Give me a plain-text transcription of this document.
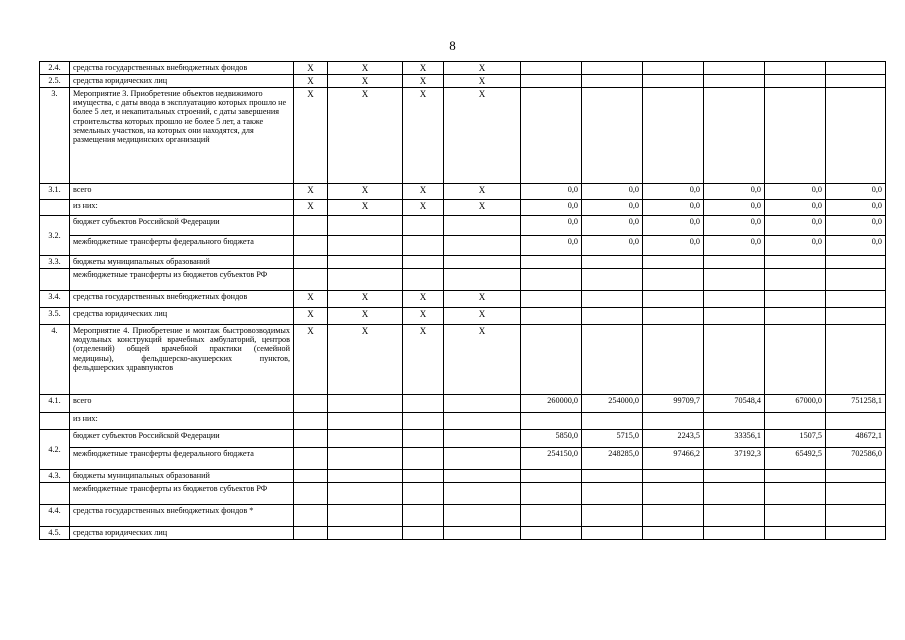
8
2.4.	средства государственных внебюджетных фондов	Х	Х	Х	Х						
2.5.	средства юридических лиц	Х	Х	Х	Х						
3.	Мероприятие 3. Приобретение объектов недвижимого имущества, с даты ввода в эксплуатацию которых прошло не более 5 лет, и некапитальных строений, с даты завершения строительства которых прошло не более 5 лет, а также земельных участков, на которых они находятся, для размещения медицинских организаций	Х	Х	Х	Х						
3.1.	всего	Х	Х	Х	Х	0,0	0,0	0,0	0,0	0,0	0,0
	из них:	Х	Х	Х	Х	0,0	0,0	0,0	0,0	0,0	0,0
3.2.	бюджет субъектов Российской Федерации					0,0	0,0	0,0	0,0	0,0	0,0
	межбюджетные трансферты федерального бюджета					0,0	0,0	0,0	0,0	0,0	0,0
3.3.	бюджеты муниципальных образований										
	межбюджетные трансферты из бюджетов субъектов РФ										
3.4.	средства государственных внебюджетных фондов	Х	Х	Х	Х						
3.5.	средства юридических лиц	Х	Х	Х	Х						
4.	Мероприятие 4. Приобретение и монтаж быстровозводимых модульных конструкций врачебных амбулаторий, центров (отделений) общей врачебной практики (семейной медицины), фельдшерско-акушерских пунктов, фельдшерских здравпунктов	Х	Х	Х	Х						
4.1.	всего					260000,0	254000,0	99709,7	70548,4	67000,0	751258,1
	из них:										
4.2.	бюджет субъектов Российской Федерации					5850,0	5715,0	2243,5	33356,1	1507,5	48672,1
	межбюджетные трансферты федерального бюджета					254150,0	248285,0	97466,2	37192,3	65492,5	702586,0
4.3.	бюджеты муниципальных образований										
	межбюджетные трансферты из бюджетов субъектов РФ										
4.4.	средства государственных внебюджетных фондов *										
4.5.	средства юридических лиц										
